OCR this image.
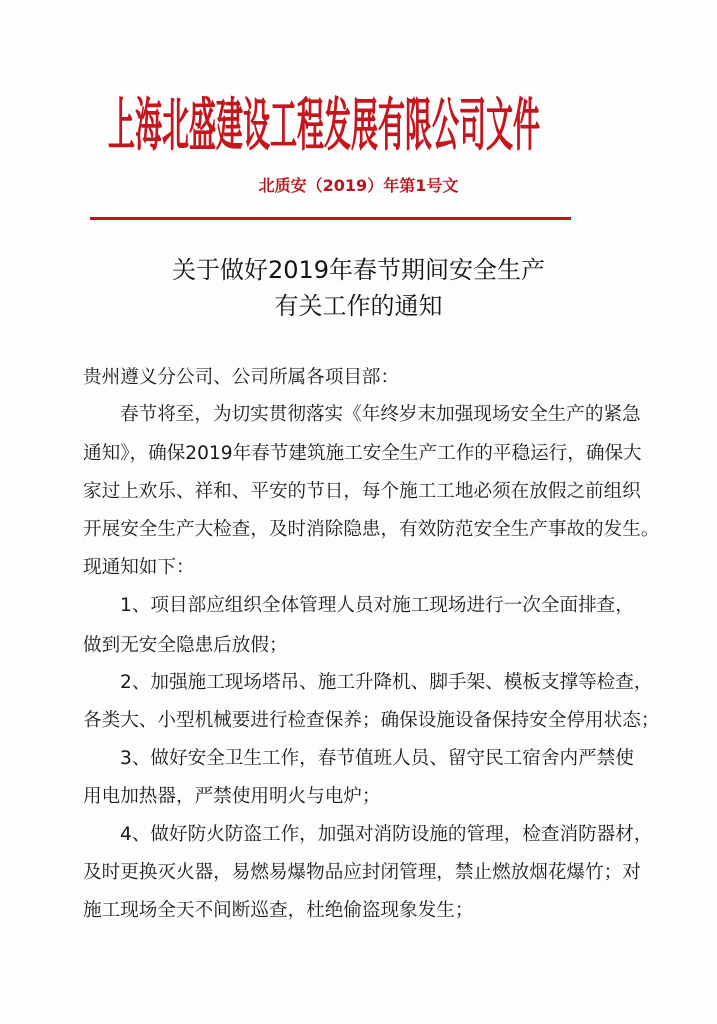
上海北盛建设工程发展有限公司文件
北质安（2019）年第1号文
关于做好2019年春节期间安全生产
有关工作的通知
贵州遵义分公司、公司所属各项目部：
春节将至，为切实贯彻落实《年终岁末加强现场安全生产的紧急
通知》，确保2019年春节建筑施工安全生产工作的平稳运行，确保大
家过上欢乐、祥和、平安的节日，每个施工工地必须在放假之前组织
开展安全生产大检查，及时消除隐患，有效防范安全生产事故的发生。
现通知如下：
1、项目部应组织全体管理人员对施工现场进行一次全面排查，
做到无安全隐患后放假；
2、加强施工现场塔吊、施工升降机、脚手架、模板支撑等检查，
各类大、小型机械要进行检查保养；确保设施设备保持安全停用状态；
3、做好安全卫生工作，春节值班人员、留守民工宿舍内严禁使
用电加热器，严禁使用明火与电炉；
4、做好防火防盗工作，加强对消防设施的管理，检查消防器材，
及时更换灭火器，易燃易爆物品应封闭管理，禁止燃放烟花爆竹；对
施工现场全天不间断巡查，杜绝偷盗现象发生；
